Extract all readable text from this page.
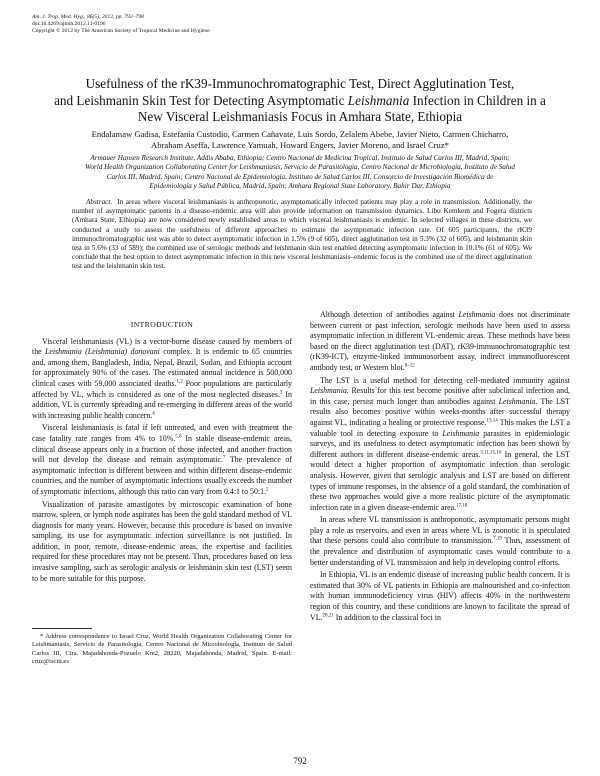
Am. J. Trop. Med. Hyg., 86(5), 2012, pp. 792–798
doi:10.4269/ajtmh.2012.11-0196
Copyright © 2012 by The American Society of Tropical Medicine and Hygiene
Usefulness of the rK39-Immunochromatographic Test, Direct Agglutination Test,
and Leishmanin Skin Test for Detecting Asymptomatic Leishmania Infection in Children in a
New Visceral Leishmaniasis Focus in Amhara State, Ethiopia
Endalamaw Gadisa, Estefanía Custodio, Carmen Cañavate, Luis Sordo, Zelalem Abebe, Javier Nieto, Carmen Chicharro,
Abraham Aseffa, Lawrence Yamuah, Howard Engers, Javier Moreno, and Israel Cruz*
Armauer Hansen Research Institute, Addis Ababa, Ethiopia; Centro Nacional de Medicina Tropical, Instituto de Salud Carlos III, Madrid, Spain;
World Health Organization Collaborating Center for Leishmaniasis, Servicio de Parasitología, Centro Nacional de Microbiología, Instituto de Salud
Carlos III, Madrid, Spain; Centro Nacional de Epidemiología, Instituto de Salud Carlos III, Consorcio de Investigación Biomédica de
Epidemiología y Salud Pública, Madrid, Spain; Amhara Regional State Laboratory, Bahir Dar, Ethiopia

Abstract. In areas where visceral leishmaniasis is anthroponotic, asymptomatically infected patients may play a role in transmission. Additionally, the number of asymptomatic patients in a disease-endemic area will also provide information on transmission dynamics. Libo Kemkem and Fogera districts (Amhara State, Ethiopia) are now considered newly established areas to which visceral leishmaniasis is endemic. In selected villages in these districts, we conducted a study to assess the usefulness of different approaches to estimate the asymptomatic infection rate. Of 605 participants, the rK39 immunochromatographic test was able to detect asymptomatic infection in 1.5% (9 of 605), direct agglutination test in 5.3% (32 of 605), and leishmanin skin test in 5.6% (33 of 589); the combined use of serologic methods and leishmanin skin test enabled detecting asymptomatic infection in 10.1% (61 of 605). We conclude that the best option to detect asymptomatic infection in this new visceral leishmaniasis–endemic focus is the combined use of the direct agglutination test and the leishmanin skin test.

INTRODUCTION

Visceral leishmaniasis (VL) is a vector-borne disease caused by members of the Leishmania (Leishmania) donovani complex. It is endemic to 65 countries and, among them, Bangladesh, India, Nepal, Brazil, Sudan, and Ethiopia account for approximately 90% of the cases. The estimated annual incidence is 500,000 clinical cases with 59,000 associated deaths.$^{1,2}$ Poor populations are particularly affected by VL, which is considered as one of the most neglected diseases.$^3$ In addition, VL is currently spreading and re-emerging in different areas of the world with increasing public health concern.$^4$

Visceral leishmaniasis is fatal if left untreated, and even with treatment the case fatality rate ranges from 4% to 10%.$^{5,6}$ In stable disease-endemic areas, clinical disease appears only in a fraction of those infected, and another fraction will not develop the disease and remain asymptomatic.$^7$ The prevalence of asymptomatic infection is different between and within different disease-endemic countries, and the number of asymptomatic infections usually exceeds the number of symptomatic infections, although this ratio can vary from 0.4:1 to 50:1.$^2$

Visualization of parasite amastigotes by microscopic examination of bone marrow, spleen, or lymph node aspirates has been the gold standard method of VL diagnosis for many years. However, because this procedure is based on invasive sampling, its use for asymptomatic infection surveillance is not justified. In addition, in poor, remote, disease-endemic areas, the expertise and facilities required for these procedures may not be present. Thus, procedures based on less invasive sampling, such as serologic analysis or leishmanin skin test (LST) seem to be more suitable for this purpose.

* Address correspondence to Israel Cruz, World Health Organization Collaborating Center for Leishmaniasis, Servicio de Parasitología, Centro Nacional de Microbiología, Instituto de Salud Carlos III, Ctra. Majadahonda-Pozuelo Km2, 28220, Majadahonda, Madrid, Spain. E-mail: cruz@isciii.es

Although detection of antibodies against Leishmania does not discriminate between current or past infection, serologic methods have been used to assess asymptomatic infection in different VL-endemic areas. These methods have been based on the direct agglutination test (DAT), rK39-immunochromatographic test (rK39-ICT), enzyme-linked immunosorbent assay, indirect immunofluorescent antibody test, or Western blot.$^{8-12}$

The LST is a useful method for detecting cell-mediated immunity against Leishmania. Results for this test become positive after subclinical infection and, in this case, persist much longer than antibodies against Leishmania. The LST results also becomes positive within weeks-months after successful therapy against VL, indicating a healing or protective response.$^{13,14}$ This makes the LST a valuable tool in detecting exposure to Leishmania parasites in epidemiologic surveys, and its usefulness to detect asymptomatic infection has been shown by different authors in different disease-endemic areas.$^{3,11,15,16}$ In general, the LST would detect a higher proportion of asymptomatic infection than serologic analysis. However, given that serologic analysis and LST are based on different types of immune responses, in the absence of a gold standard, the combination of these two approaches would give a more realistic picture of the asymptomatic infection rate in a given disease-endemic area.$^{17,18}$

In areas where VL transmission is anthroponotic, asymptomatic persons might play a role as reservoirs, and even in areas where VL is zoonotic it is speculated that these persons could also contribute to transmission.$^{7,19}$ Thus, assessment of the prevalence and distribution of asymptomatic cases would contribute to a better understanding of VL transmission and help in developing control efforts.

In Ethiopia, VL is an endemic disease of increasing public health concern. It is estimated that 30% of VL patients in Ethiopia are malnourished and co-infection with human immunodeficiency virus (HIV) affects 40% in the northwestern region of this country, and these conditions are known to facilitate the spread of VL.$^{20,21}$ In addition to the classical foci in

792
